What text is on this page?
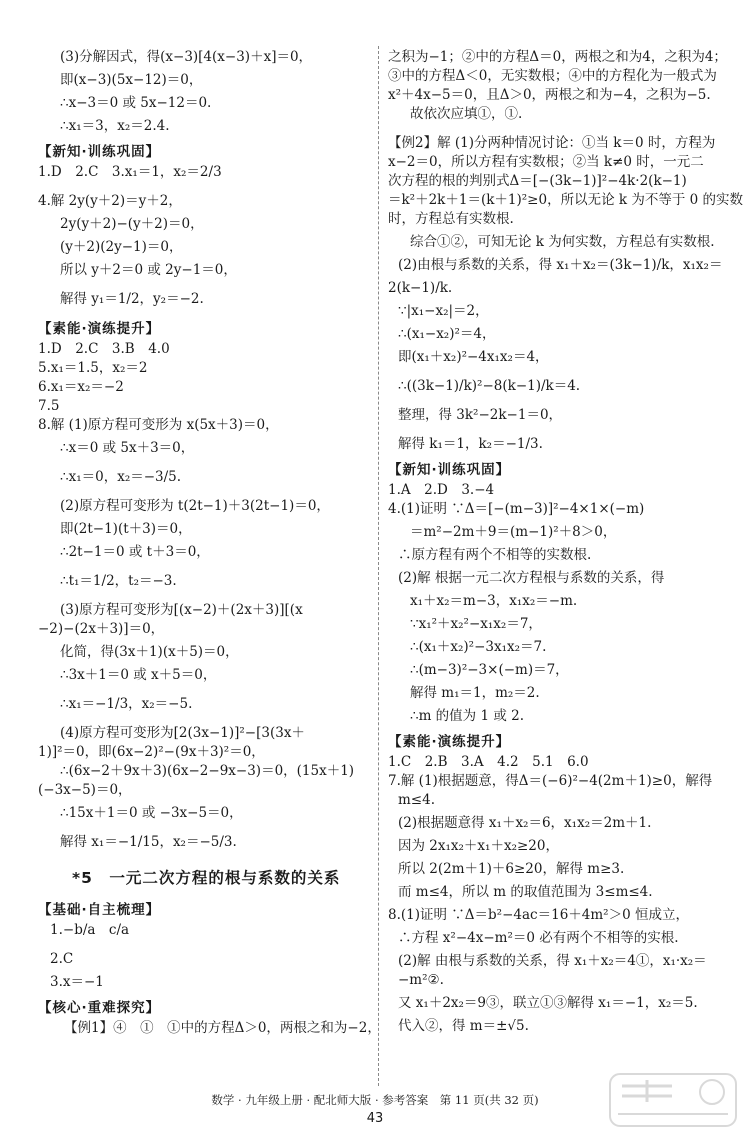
(3)分解因式，得(x−3)[4(x−3)＋x]＝0，

即(x−3)(5x−12)＝0，

∴x−3＝0 或 5x−12＝0.

∴x₁＝3，x₂＝2.4.

【新知·训练巩固】

1.D　2.C　3.x₁＝1，x₂＝2/3

4.解 2y(y＋2)＝y＋2，

2y(y＋2)−(y＋2)＝0，

(y＋2)(2y−1)＝0，

所以 y＋2＝0 或 2y−1＝0，

解得 y₁＝1/2，y₂＝−2.

【素能·演练提升】

1.D　2.C　3.B　4.0

5.x₁＝1.5，x₂＝2

6.x₁＝x₂＝−2

7.5

8.解 (1)原方程可变形为 x(5x＋3)＝0，

∴x＝0 或 5x＋3＝0，

∴x₁＝0，x₂＝−3/5.

(2)原方程可变形为 t(2t−1)＋3(2t−1)＝0，

即(2t−1)(t＋3)＝0，

∴2t−1＝0 或 t＋3＝0，

∴t₁＝1/2，t₂＝−3.

(3)原方程可变形为[(x−2)＋(2x＋3)][(x

−2)−(2x＋3)]＝0，

化简，得(3x＋1)(x＋5)＝0，

∴3x＋1＝0 或 x＋5＝0，

∴x₁＝−1/3，x₂＝−5.

(4)原方程可变形为[2(3x−1)]²−[3(3x＋

1)]²＝0，即(6x−2)²−(9x＋3)²＝0，

∴(6x−2＋9x＋3)(6x−2−9x−3)＝0，(15x＋1)

(−3x−5)＝0，

∴15x＋1＝0 或 −3x−5＝0，

解得 x₁＝−1/15，x₂＝−5/3.

*5　一元二次方程的根与系数的关系
【基础·自主梳理】

1.−b/a　c/a

2.C

3.x＝−1

【核心·重难探究】

【例1】④　①　①中的方程Δ＞0，两根之和为−2，

之积为−1；②中的方程Δ＝0，两根之和为4，之积为4；

③中的方程Δ＜0，无实数根；④中的方程化为一般式为

x²＋4x−5＝0，且Δ＞0，两根之和为−4，之积为−5.

故依次应填①，①.

【例2】解 (1)分两种情况讨论：①当 k＝0 时，方程为

x−2＝0，所以方程有实数根；②当 k≠0 时，一元二

次方程的根的判别式Δ＝[−(3k−1)]²−4k·2(k−1)

＝k²＋2k＋1＝(k＋1)²≥0，所以无论 k 为不等于 0 的实数

时，方程总有实数根.

综合①②，可知无论 k 为何实数，方程总有实数根.

(2)由根与系数的关系，得 x₁＋x₂＝(3k−1)/k，x₁x₂＝

2(k−1)/k.

∵|x₁−x₂|＝2，

∴(x₁−x₂)²＝4，

即(x₁＋x₂)²−4x₁x₂＝4，

∴((3k−1)/k)²−8(k−1)/k＝4.

整理，得 3k²−2k−1＝0，

解得 k₁＝1，k₂＝−1/3.

【新知·训练巩固】

1.A　2.D　3.−4

4.(1)证明 ∵Δ＝[−(m−3)]²−4×1×(−m)

＝m²−2m＋9＝(m−1)²＋8＞0，

∴原方程有两个不相等的实数根.

(2)解 根据一元二次方程根与系数的关系，得

x₁＋x₂＝m−3，x₁x₂＝−m.

∵x₁²＋x₂²−x₁x₂＝7，

∴(x₁＋x₂)²−3x₁x₂＝7.

∴(m−3)²−3×(−m)＝7，

解得 m₁＝1，m₂＝2.

∴m 的值为 1 或 2.

【素能·演练提升】

1.C　2.B　3.A　4.2　5.1　6.0

7.解 (1)根据题意，得Δ＝(−6)²−4(2m＋1)≥0，解得

m≤4.

(2)根据题意得 x₁＋x₂＝6，x₁x₂＝2m＋1.

因为 2x₁x₂＋x₁＋x₂≥20，

所以 2(2m＋1)＋6≥20，解得 m≥3.

而 m≤4，所以 m 的取值范围为 3≤m≤4.

8.(1)证明 ∵Δ＝b²−4ac＝16＋4m²＞0 恒成立，

∴方程 x²−4x−m²＝0 必有两个不相等的实根.

(2)解 由根与系数的关系，得 x₁＋x₂＝4①，x₁·x₂＝

−m²②.

又 x₁＋2x₂＝9③，联立①③解得 x₁＝−1，x₂＝5.

代入②，得 m＝±√5.

数学 · 九年级上册 · 配北师大版 · 参考答案　第 11 页(共 32 页)
43
